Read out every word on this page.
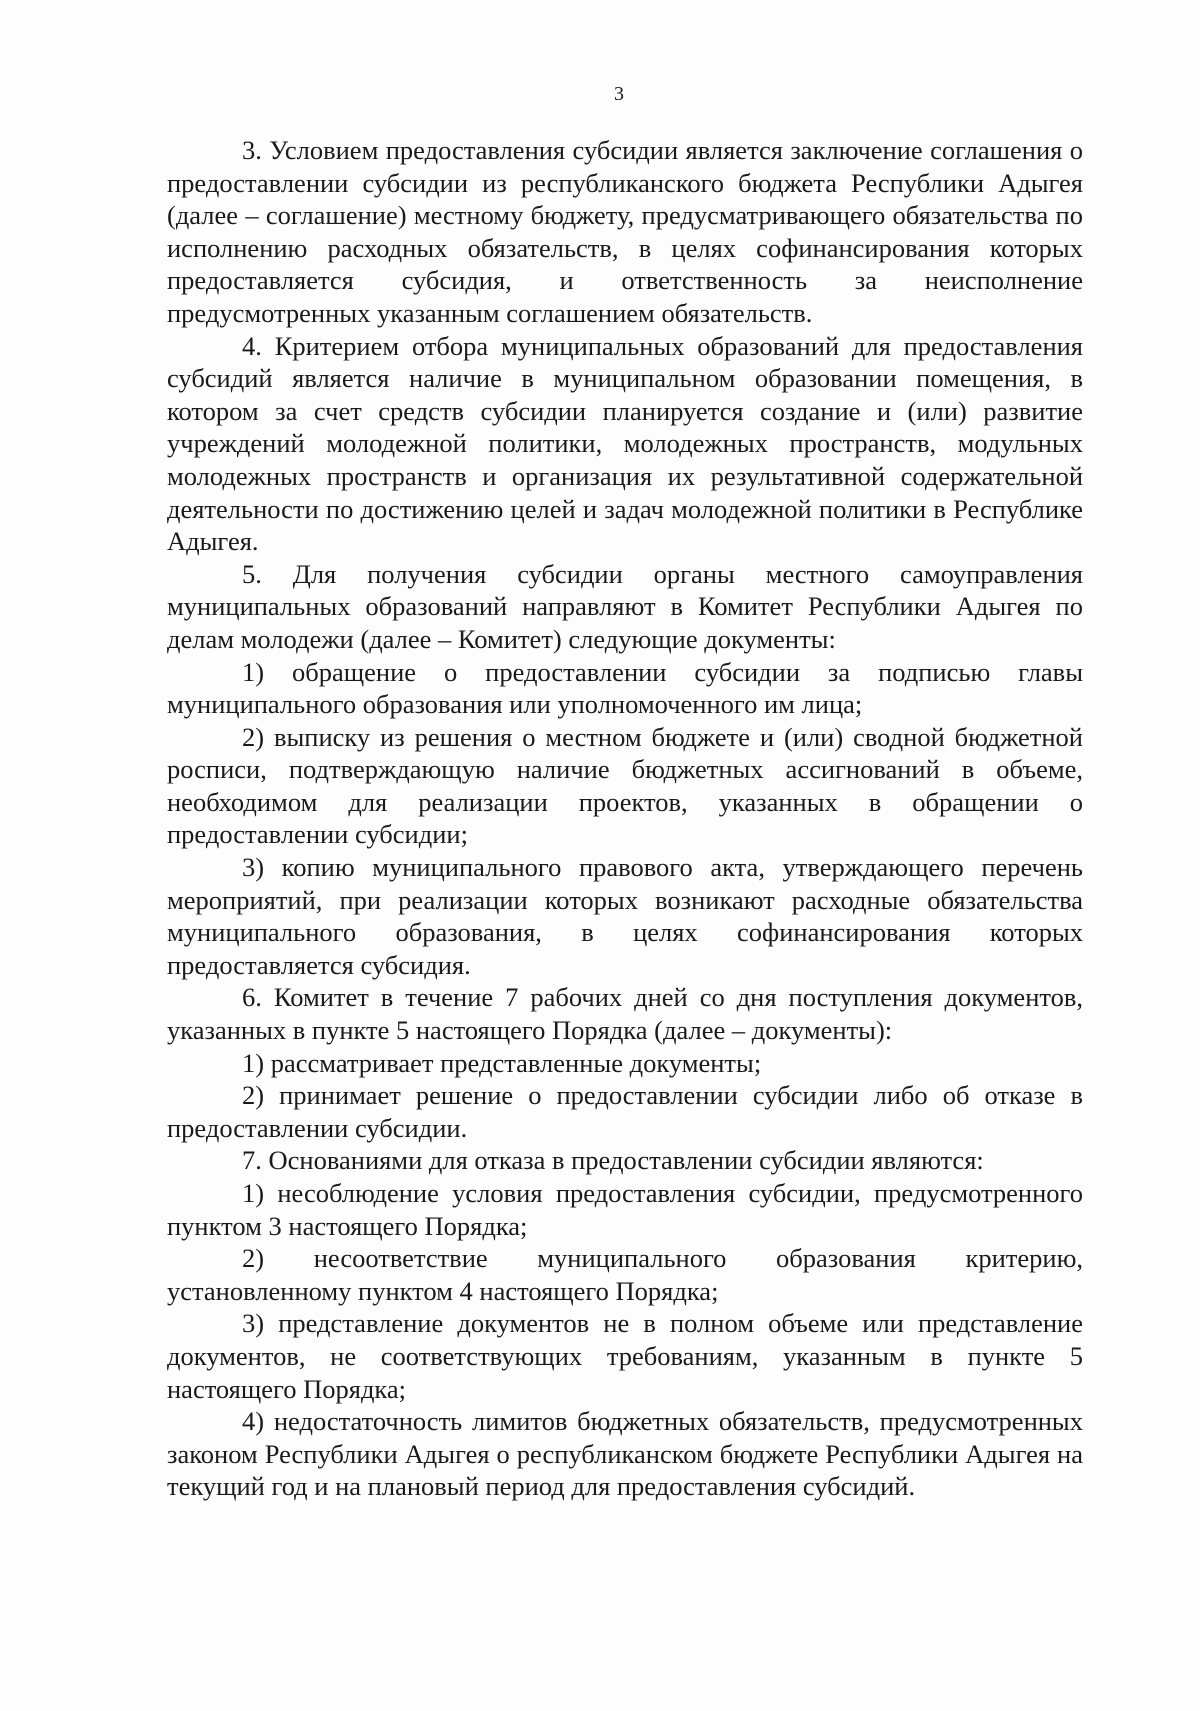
3

3. Условием предоставления субсидии является заключение соглашения о предоставлении субсидии из республиканского бюджета Республики Адыгея (далее – соглашение) местному бюджету, предусматривающего обязательства по исполнению расходных обязательств, в целях софинансирования которых предоставляется субсидия, и ответственность за неисполнение предусмотренных указанным соглашением обязательств.

4. Критерием отбора муниципальных образований для предоставления субсидий является наличие в муниципальном образовании помещения, в котором за счет средств субсидии планируется создание и (или) развитие учреждений молодежной политики, молодежных пространств, модульных молодежных пространств и организация их результативной содержательной деятельности по достижению целей и задач молодежной политики в Республике Адыгея.

5. Для получения субсидии органы местного самоуправления муниципальных образований направляют в Комитет Республики Адыгея по делам молодежи (далее – Комитет) следующие документы:

1) обращение о предоставлении субсидии за подписью главы муниципального образования или уполномоченного им лица;

2) выписку из решения о местном бюджете и (или) сводной бюджетной росписи, подтверждающую наличие бюджетных ассигнований в объеме, необходимом для реализации проектов, указанных в обращении о предоставлении субсидии;

3) копию муниципального правового акта, утверждающего перечень мероприятий, при реализации которых возникают расходные обязательства муниципального образования, в целях софинансирования которых предоставляется субсидия.

6. Комитет в течение 7 рабочих дней со дня поступления документов, указанных в пункте 5 настоящего Порядка (далее – документы):

1) рассматривает представленные документы;

2) принимает решение о предоставлении субсидии либо об отказе в предоставлении субсидии.

7. Основаниями для отказа в предоставлении субсидии являются:

1) несоблюдение условия предоставления субсидии, предусмотренного пунктом 3 настоящего Порядка;

2) несоответствие муниципального образования критерию, установленному пунктом 4 настоящего Порядка;

3) представление документов не в полном объеме или представление документов, не соответствующих требованиям, указанным в пункте 5 настоящего Порядка;

4) недостаточность лимитов бюджетных обязательств, предусмотренных законом Республики Адыгея о республиканском бюджете Республики Адыгея на текущий год и на плановый период для предоставления субсидий.
